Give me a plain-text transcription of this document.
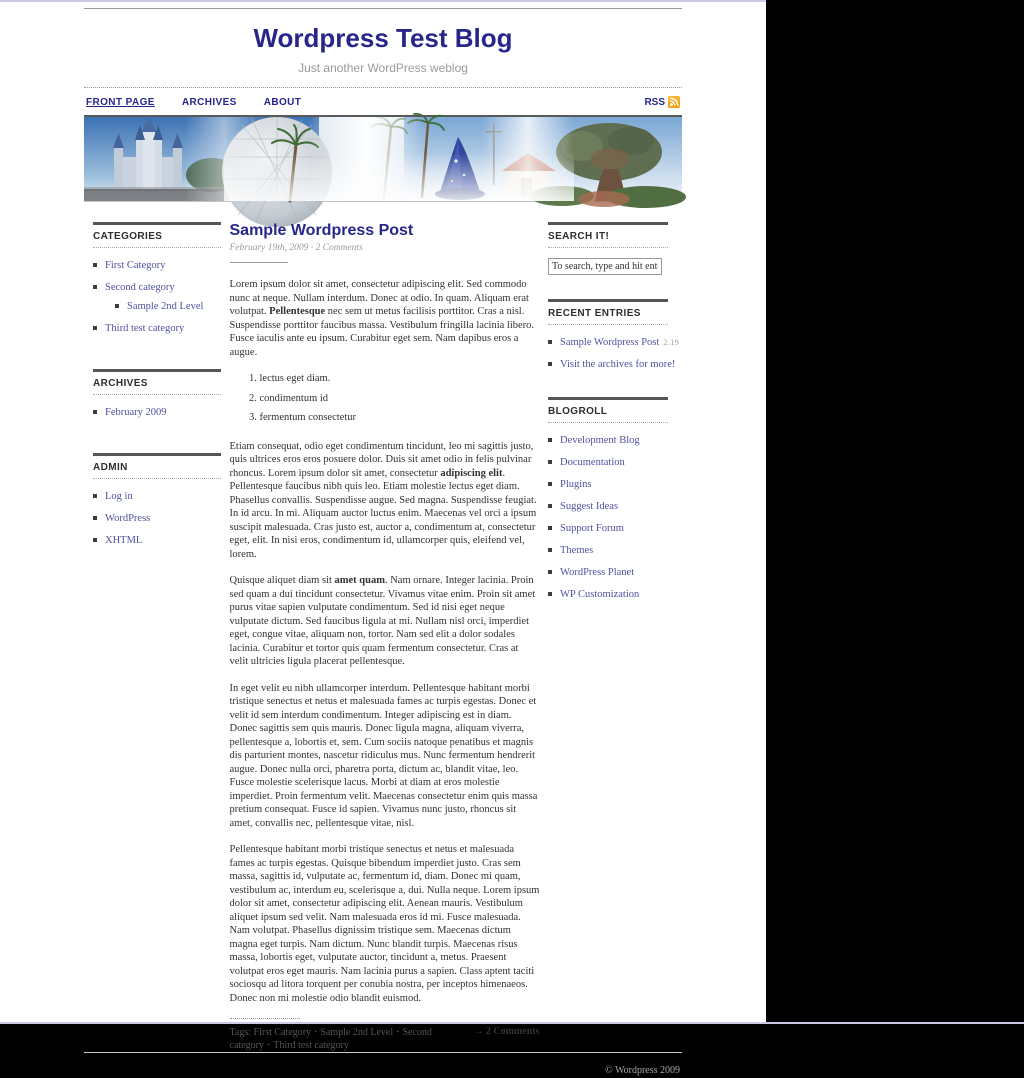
Wordpress Test Blog
Just another WordPress weblog
FRONT PAGE	ARCHIVES	ABOUT	RSS
CATEGORIES
First Category
Second category
Sample 2nd Level
Third test category
ARCHIVES
February 2009
ADMIN
Log in
WordPress
XHTML
Sample Wordpress Post
February 19th, 2009 · 2 Comments

Lorem ipsum dolor sit amet, consectetur adipiscing elit. Sed commodo nunc at neque. Nullam interdum. Donec at odio. In quam. Aliquam erat volutpat. Pellentesque nec sem ut metus facilisis porttitor. Cras a nisl. Suspendisse porttitor faucibus massa. Vestibulum fringilla lacinia libero. Fusce iaculis ante eu ipsum. Curabitur eget sem. Nam dapibus eros a augue.

1. lectus eget diam.
2. condimentum id
3. fermentum consectetur

Etiam consequat, odio eget condimentum tincidunt, leo mi sagittis justo, quis ultrices eros eros posuere dolor. Duis sit amet odio in felis pulvinar rhoncus. Lorem ipsum dolor sit amet, consectetur adipiscing elit. Pellentesque faucibus nibh quis leo. Etiam molestie lectus eget diam. Phasellus convallis. Suspendisse augue. Sed magna. Suspendisse feugiat. In id arcu. In mi. Aliquam auctor luctus enim. Maecenas vel orci a ipsum suscipit malesuada. Cras justo est, auctor a, condimentum at, consectetur eget, elit. In nisi eros, condimentum id, ullamcorper quis, eleifend vel, lorem.

Quisque aliquet diam sit amet quam. Nam ornare. Integer lacinia. Proin sed quam a dui tincidunt consectetur. Vivamus vitae enim. Proin sit amet purus vitae sapien vulputate condimentum. Sed id nisi eget neque vulputate dictum. Sed faucibus ligula at mi. Nullam nisl orci, imperdiet eget, congue vitae, aliquam non, tortor. Nam sed elit a dolor sodales lacinia. Curabitur et tortor quis quam fermentum consectetur. Cras at velit ultricies ligula placerat pellentesque.

In eget velit eu nibh ullamcorper interdum. Pellentesque habitant morbi tristique senectus et netus et malesuada fames ac turpis egestas. Donec et velit id sem interdum condimentum. Integer adipiscing est in diam. Donec sagittis sem quis mauris. Donec ligula magna, aliquam viverra, pellentesque a, lobortis et, sem. Cum sociis natoque penatibus et magnis dis parturient montes, nascetur ridiculus mus. Nunc fermentum hendrerit augue. Donec nulla orci, pharetra porta, dictum ac, blandit vitae, leo. Fusce molestie scelerisque lacus. Morbi at diam at eros molestie imperdiet. Proin fermentum velit. Maecenas consectetur enim quis massa pretium consequat. Fusce id sapien. Vivamus nunc justo, rhoncus sit amet, convallis nec, pellentesque vitae, nisl.

Pellentesque habitant morbi tristique senectus et netus et malesuada fames ac turpis egestas. Quisque bibendum imperdiet justo. Cras sem massa, sagittis id, vulputate ac, fermentum id, diam. Donec mi quam, vestibulum ac, interdum eu, scelerisque a, dui. Nulla neque. Lorem ipsum dolor sit amet, consectetur adipiscing elit. Aenean mauris. Vestibulum aliquet ipsum sed velit. Nam malesuada eros id mi. Fusce malesuada. Nam volutpat. Phasellus dignissim tristique sem. Maecenas dictum magna eget turpis. Nam dictum. Nunc blandit turpis. Maecenas risus massa, lobortis eget, vulputate auctor, tincidunt a, metus. Praesent volutpat eros eget mauris. Nam lacinia purus a sapien. Class aptent taciti sociosqu ad litora torquent per conubia nostra, per inceptos himenaeos. Donec non mi molestie odio blandit euismod.

Tags: First Category · Sample 2nd Level · Second category · Third test category

→ 2 Comments
SEARCH IT!
To search, type and hit enter
RECENT ENTRIES
Sample Wordpress Post 2.19
Visit the archives for more!
BLOGROLL
Development Blog
Documentation
Plugins
Suggest Ideas
Support Forum
Themes
WordPress Planet
WP Customization
© Wordpress 2009
